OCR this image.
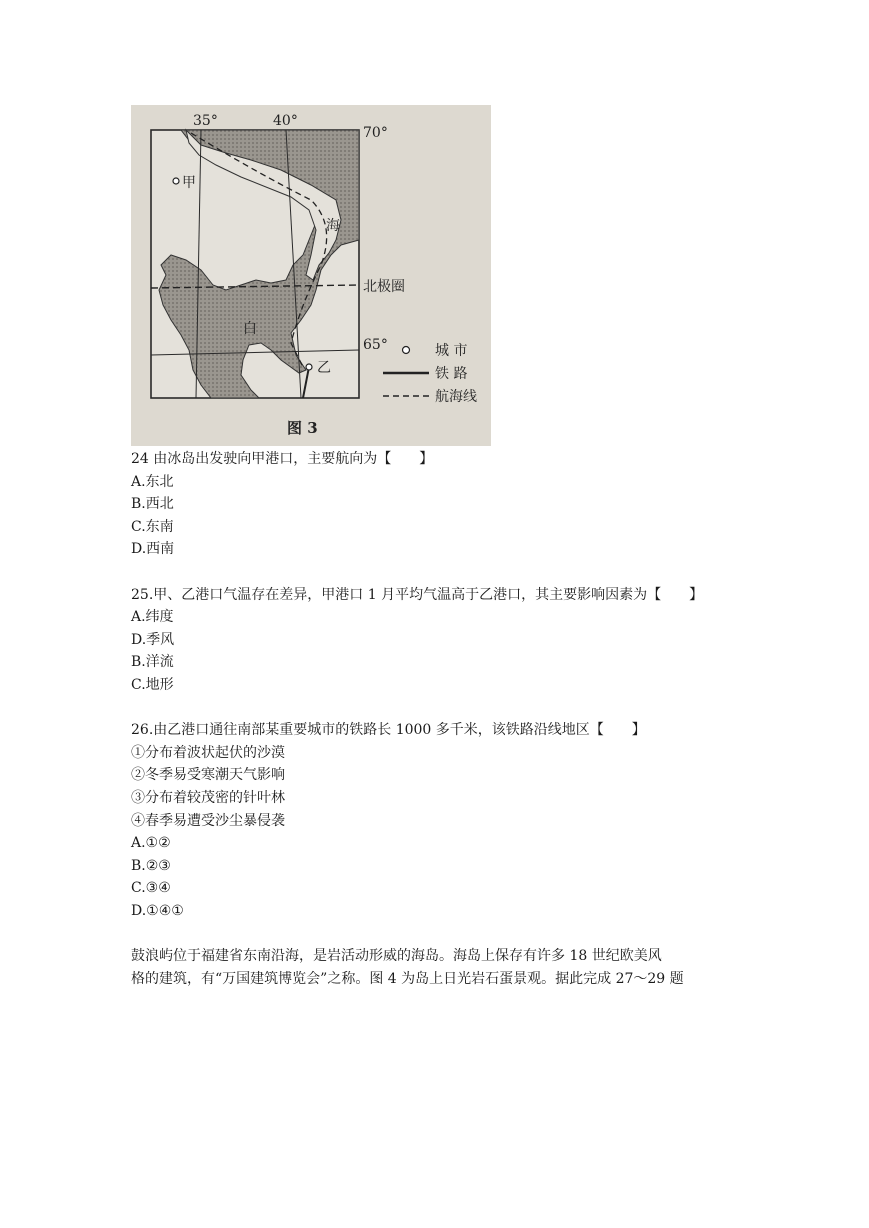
35°	40°
70°
65°
北极圈
海
白
甲
乙
城 市
铁 路
航海线
图 3
24 由冰岛出发驶向甲港口，主要航向为【　　】
A.东北
B.西北
C.东南
D.西南
25.甲、乙港口气温存在差异，甲港口 1 月平均气温高于乙港口，其主要影响因素为【　　】
A.纬度
D.季风
B.洋流
C.地形
26.由乙港口通往南部某重要城市的铁路长 1000 多千米，该铁路沿线地区【　　】
①分布着波状起伏的沙漠
②冬季易受寒潮天气影响
③分布着较茂密的针叶林
④春季易遭受沙尘暴侵袭
A.①②
B.②③
C.③④
D.①④①
鼓浪屿位于福建省东南沿海，是岩活动形威的海岛。海岛上保存有许多 18 世纪欧美风
格的建筑，有“万国建筑博览会”之称。图 4 为岛上日光岩石蛋景观。据此完成 27～29 题
